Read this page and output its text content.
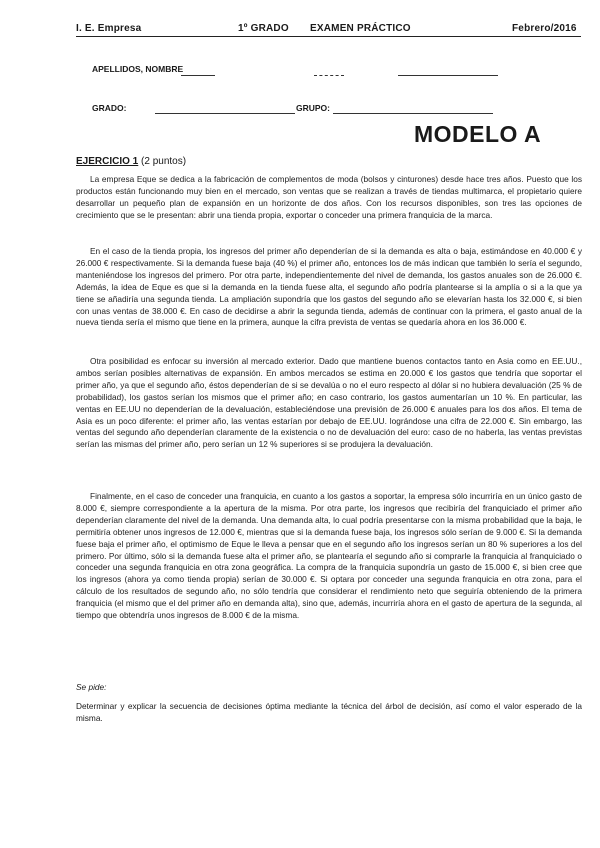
I. E. Empresa	1º GRADO EXAMEN PRÁCTICO	Febrero/2016
APELLIDOS, NOMBRE
GRADO:	GRUPO:
MODELO A
EJERCICIO 1 (2 puntos)

La empresa Eque se dedica a la fabricación de complementos de moda (bolsos y cinturones) desde hace tres años. Puesto que los productos están funcionando muy bien en el mercado, son ventas que se realizan a través de tiendas multimarca, el propietario quiere desarrollar un pequeño plan de expansión en un horizonte de dos años. Con los recursos disponibles, son tres las opciones de crecimiento que se le presentan: abrir una tienda propia, exportar o conceder una primera franquicia de la marca.

En el caso de la tienda propia, los ingresos del primer año dependerían de si la demanda es alta o baja, estimándose en 40.000 € y 26.000 € respectivamente. Si la demanda fuese baja (40 %) el primer año, entonces los de más indican que también lo sería el segundo, manteniéndose los ingresos del primero. Por otra parte, independientemente del nivel de demanda, los gastos anuales son de 26.000 €. Además, la idea de Eque es que si la demanda en la tienda fuese alta, el segundo año podría plantearse si la amplía o si a la que ya tiene se añadiría una segunda tienda. La ampliación supondría que los gastos del segundo año se elevarían hasta los 32.000 €, si bien con unas ventas de 38.000 €. En caso de decidirse a abrir la segunda tienda, además de continuar con la primera, el gasto anual de la nueva tienda sería el mismo que tiene en la primera, aunque la cifra prevista de ventas se quedaría ahora en los 36.000 €.

Otra posibilidad es enfocar su inversión al mercado exterior. Dado que mantiene buenos contactos tanto en Asia como en EE.UU., ambos serían posibles alternativas de expansión. En ambos mercados se estima en 20.000 € los gastos que tendría que soportar el primer año, ya que el segundo año, éstos dependerían de si se devalúa o no el euro respecto al dólar si no hubiera devaluación (25 % de probabilidad), los gastos serían los mismos que el primer año; en caso contrario, los gastos aumentarían un 10 %. En particular, las ventas en EE.UU no dependerían de la devaluación, estableciéndose una previsión de 26.000 € anuales para los dos años. El tema de Asia es un poco diferente: el primer año, las ventas estarían por debajo de EE.UU. lográndose una cifra de 22.000 €. Sin embargo, las ventas del segundo año dependerían claramente de la existencia o no de devaluación del euro: caso de no haberla, las ventas previstas serían las mismas del primer año, pero serían un 12 % superiores si se produjera la devaluación.

Finalmente, en el caso de conceder una franquicia, en cuanto a los gastos a soportar, la empresa sólo incurriría en un único gasto de 8.000 €, siempre correspondiente a la apertura de la misma. Por otra parte, los ingresos que recibiría del franquiciado el primer año dependerían claramente del nivel de la demanda. Una demanda alta, lo cual podría presentarse con la misma probabilidad que la baja, le permitiría obtener unos ingresos de 12.000 €, mientras que si la demanda fuese baja, los ingresos sólo serían de 9.000 €. Si la demanda fuese baja el primer año, el optimismo de Eque le lleva a pensar que en el segundo año los ingresos serían un 80 % superiores a los del primero. Por último, sólo si la demanda fuese alta el primer año, se plantearía el segundo año si comprarle la franquicia al franquiciado o conceder una segunda franquicia en otra zona geográfica. La compra de la franquicia supondría un gasto de 15.000 €, si bien cree que los ingresos (ahora ya como tienda propia) serían de 30.000 €. Si optara por conceder una segunda franquicia en otra zona, para el cálculo de los resultados de segundo año, no sólo tendría que considerar el rendimiento neto que seguiría obteniendo de la primera franquicia (el mismo que el del primer año en demanda alta), sino que, además, incurriría ahora en el gasto de apertura de la segunda, al tiempo que obtendría unos ingresos de 8.000 € de la misma.

Se pide:
Determinar y explicar la secuencia de decisiones óptima mediante la técnica del árbol de decisión, así como el valor esperado de la misma.
